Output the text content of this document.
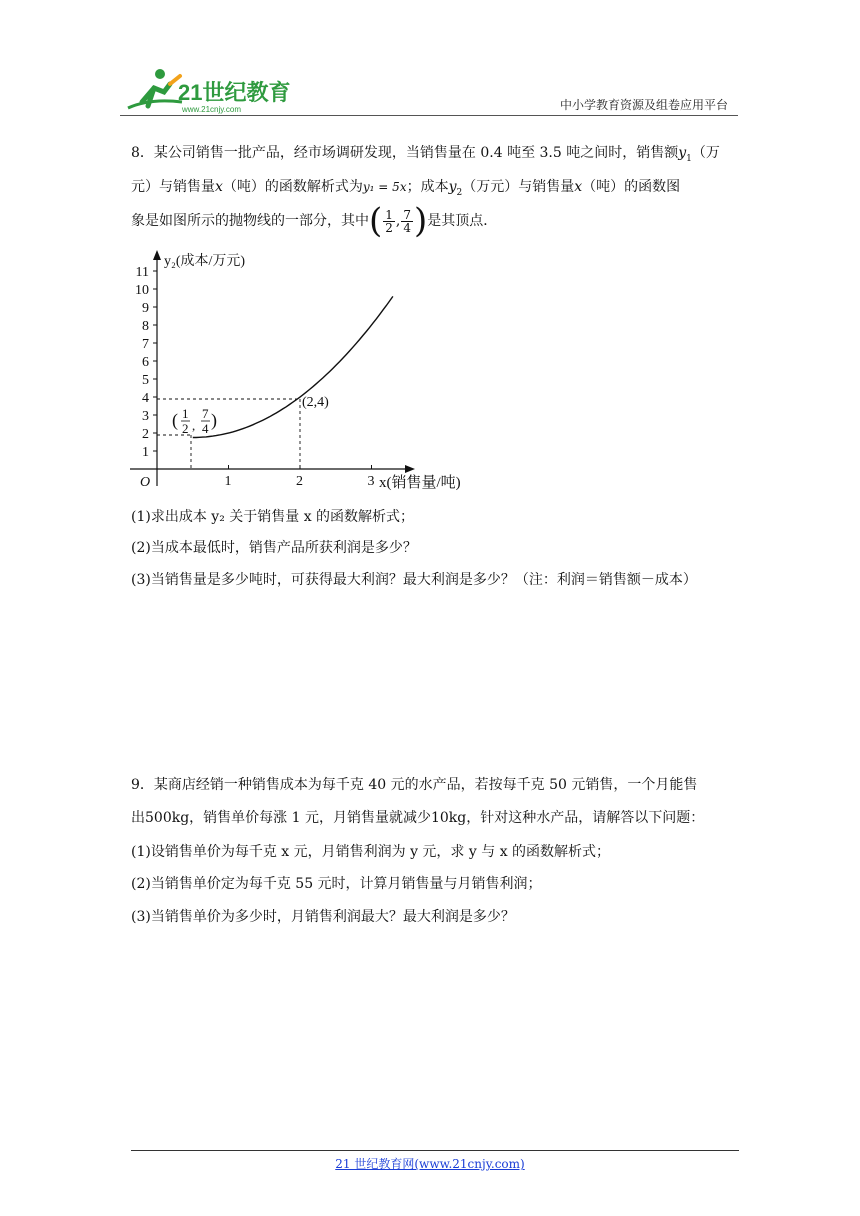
21世纪教育
www.21cnjy.com	中小学教育资源及组卷应用平台
8．某公司销售一批产品，经市场调研发现，当销售量在 0.4 吨至 3.5 吨之间时，销售额$y_1$（万
元）与销售量x（吨）的函数解析式为y₁ = 5x；成本$y_2$（万元）与销售量x（吨）的函数图
象是如图所示的抛物线的一部分，其中( $\frac{1}{2}$ , $\frac{7}{4}$ )是其顶点．
y₂(成本/万元)
x(销售量/吨)
O
1
2
3
4
5
6
7
8
9
10
11
1	2	3
(2,4)
( 1
2 ,
7
4 )
(1)求出成本 y₂ 关于销售量 x 的函数解析式；
(2)当成本最低时，销售产品所获利润是多少？
(3)当销售量是多少吨时，可获得最大利润？最大利润是多少？（注：利润＝销售额－成本）
9．某商店经销一种销售成本为每千克 40 元的水产品，若按每千克 50 元销售，一个月能售
出500kg，销售单价每涨 1 元，月销售量就减少10kg，针对这种水产品，请解答以下问题：
(1)设销售单价为每千克 x 元，月销售利润为 y 元，求 y 与 x 的函数解析式；
(2)当销售单价定为每千克 55 元时，计算月销售量与月销售利润；
(3)当销售单价为多少时，月销售利润最大？最大利润是多少？
21 世纪教育网(www.21cnjy.com)
